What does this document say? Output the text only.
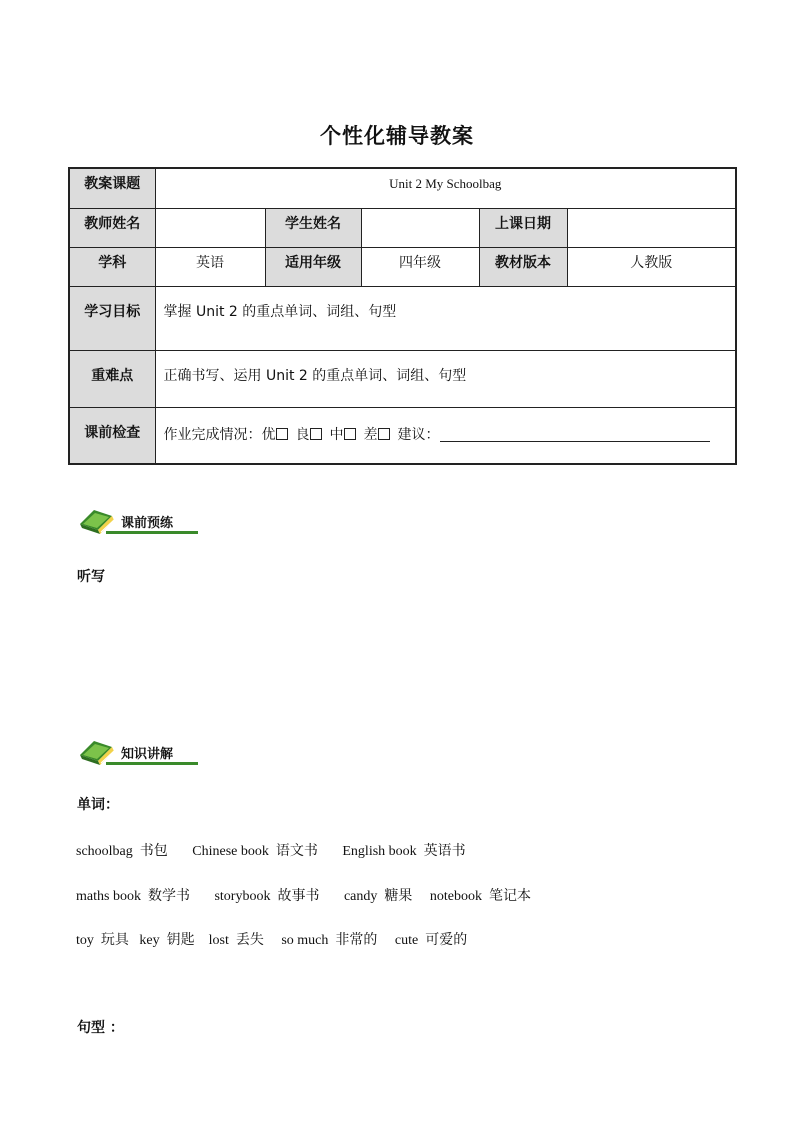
个性化辅导教案
教案课题	Unit 2 My Schoolbag				
教师姓名		学生姓名		上课日期	
学科	英语	适用年级	四年级	教材版本	人教版
学习目标	掌握 Unit 2 的重点单词、词组、句型				
重难点	正确书写、运用 Unit 2 的重点单词、词组、句型				
课前检查	作业完成情况：优 良 中 差 建议：				
课前预练
听写
知识讲解
单词：
schoolbag 书包 Chinese book 语文书 English book 英语书
maths book 数学书 storybook 故事书 candy 糖果 notebook 笔记本
toy 玩具 key 钥匙 lost 丢失 so much 非常的 cute 可爱的
句型 ：
